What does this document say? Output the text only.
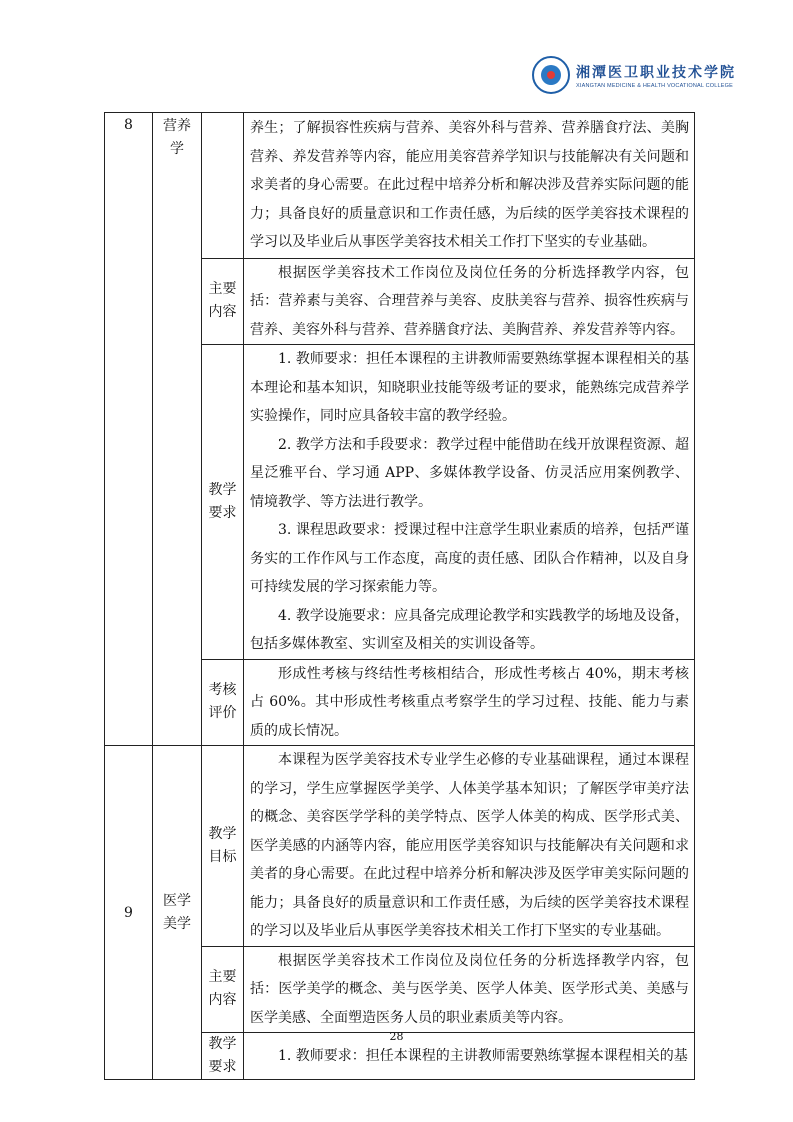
湘潭医卫职业技术学院
XIANGTAN MEDICINE & HEALTH VOCATIONAL COLLEGE
8	营养学		养生；了解损容性疾病与营养、美容外科与营养、营养膳食疗法、美胸营养、养发营养等内容，能应用美容营养学知识与技能解决有关问题和求美者的身心需要。在此过程中培养分析和解决涉及营养实际问题的能力；具备良好的质量意识和工作责任感，为后续的医学美容技术课程的学习以及毕业后从事医学美容技术相关工作打下坚实的专业基础。

		主要内容	根据医学美容技术工作岗位及岗位任务的分析选择教学内容，包括：营养素与美容、合理营养与美容、皮肤美容与营养、损容性疾病与营养、美容外科与营养、营养膳食疗法、美胸营养、养发营养等内容。

		教学要求	1. 教师要求：担任本课程的主讲教师需要熟练掌握本课程相关的基本理论和基本知识，知晓职业技能等级考证的要求，能熟练完成营养学实验操作，同时应具备较丰富的教学经验。

2. 教学方法和手段要求：教学过程中能借助在线开放课程资源、超星泛雅平台、学习通 APP、多媒体教学设备、仿灵活应用案例教学、情境教学、等方法进行教学。

3. 课程思政要求：授课过程中注意学生职业素质的培养，包括严谨务实的工作作风与工作态度，高度的责任感、团队合作精神，以及自身可持续发展的学习探索能力等。

4. 教学设施要求：应具备完成理论教学和实践教学的场地及设备，包括多媒体教室、实训室及相关的实训设备等。

		考核评价	形成性考核与终结性考核相结合，形成性考核占 40%，期末考核占 60%。其中形成性考核重点考察学生的学习过程、技能、能力与素质的成长情况。

9	医学美学	教学目标	本课程为医学美容技术专业学生必修的专业基础课程，通过本课程的学习，学生应掌握医学美学、人体美学基本知识；了解医学审美疗法的概念、美容医学学科的美学特点、医学人体美的构成、医学形式美、医学美感的内涵等内容，能应用医学美容知识与技能解决有关问题和求美者的身心需要。在此过程中培养分析和解决涉及医学审美实际问题的能力；具备良好的质量意识和工作责任感，为后续的医学美容技术课程的学习以及毕业后从事医学美容技术相关工作打下坚实的专业基础。

		主要内容	根据医学美容技术工作岗位及岗位任务的分析选择教学内容，包括：医学美学的概念、美与医学美、医学人体美、医学形式美、美感与医学美感、全面塑造医务人员的职业素质美等内容。

		教学要求	1. 教师要求：担任本课程的主讲教师需要熟练掌握本课程相关的基

28
